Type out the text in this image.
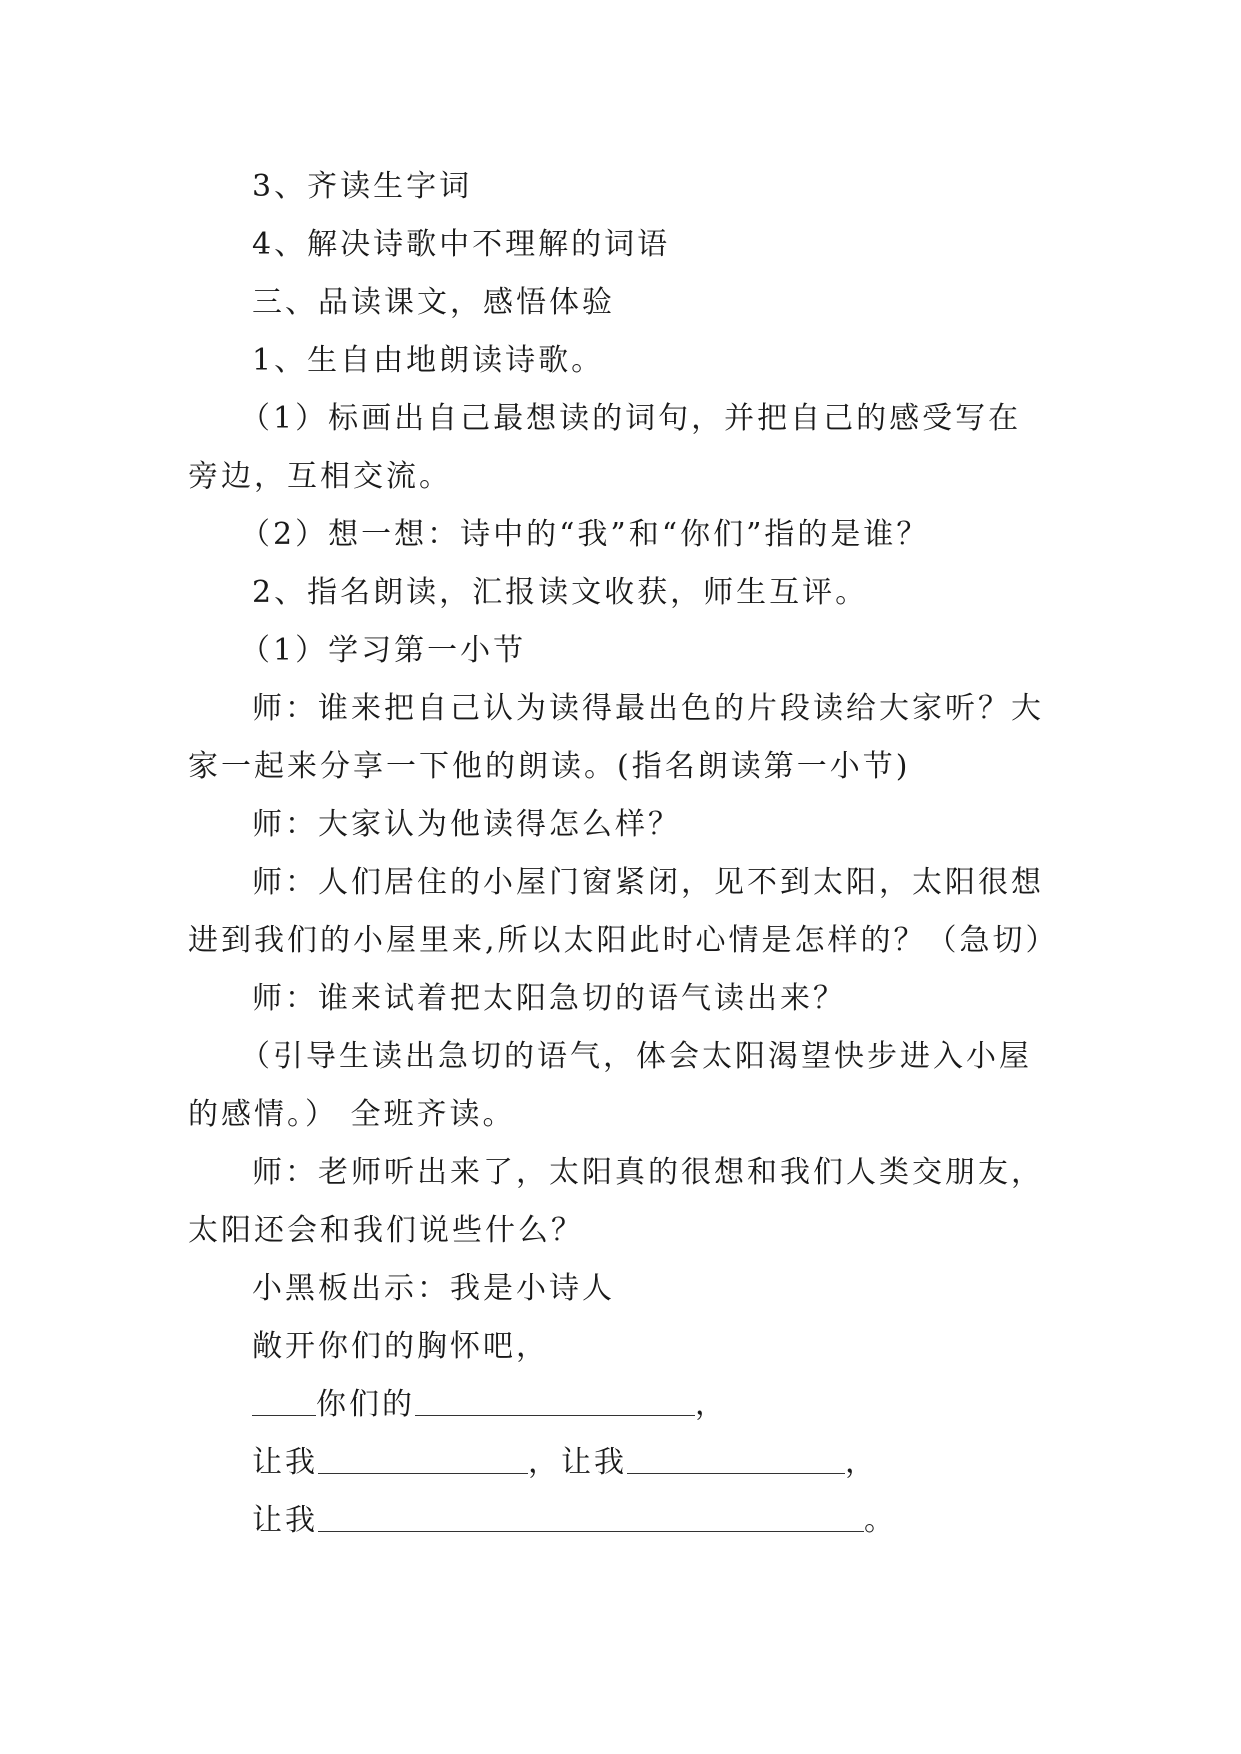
3、齐读生字词
4、解决诗歌中不理解的词语
三、品读课文，感悟体验
1、生自由地朗读诗歌。
（1）标画出自己最想读的词句，并把自己的感受写在
旁边，互相交流。
（2）想一想：诗中的“我”和“你们”指的是谁？
2、指名朗读，汇报读文收获，师生互评。
（1）学习第一小节
师：谁来把自己认为读得最出色的片段读给大家听？大
家一起来分享一下他的朗读。(指名朗读第一小节)
师：大家认为他读得怎么样？
师：人们居住的小屋门窗紧闭，见不到太阳，太阳很想
进到我们的小屋里来,所以太阳此时心情是怎样的？（急切）
师：谁来试着把太阳急切的语气读出来？
（引导生读出急切的语气，体会太阳渴望快步进入小屋
的感情。） 全班齐读。
师：老师听出来了，太阳真的很想和我们人类交朋友，
太阳还会和我们说些什么？
小黑板出示：我是小诗人
敞开你们的胸怀吧，
你们的	，
让我	，让我	，
让我	。
